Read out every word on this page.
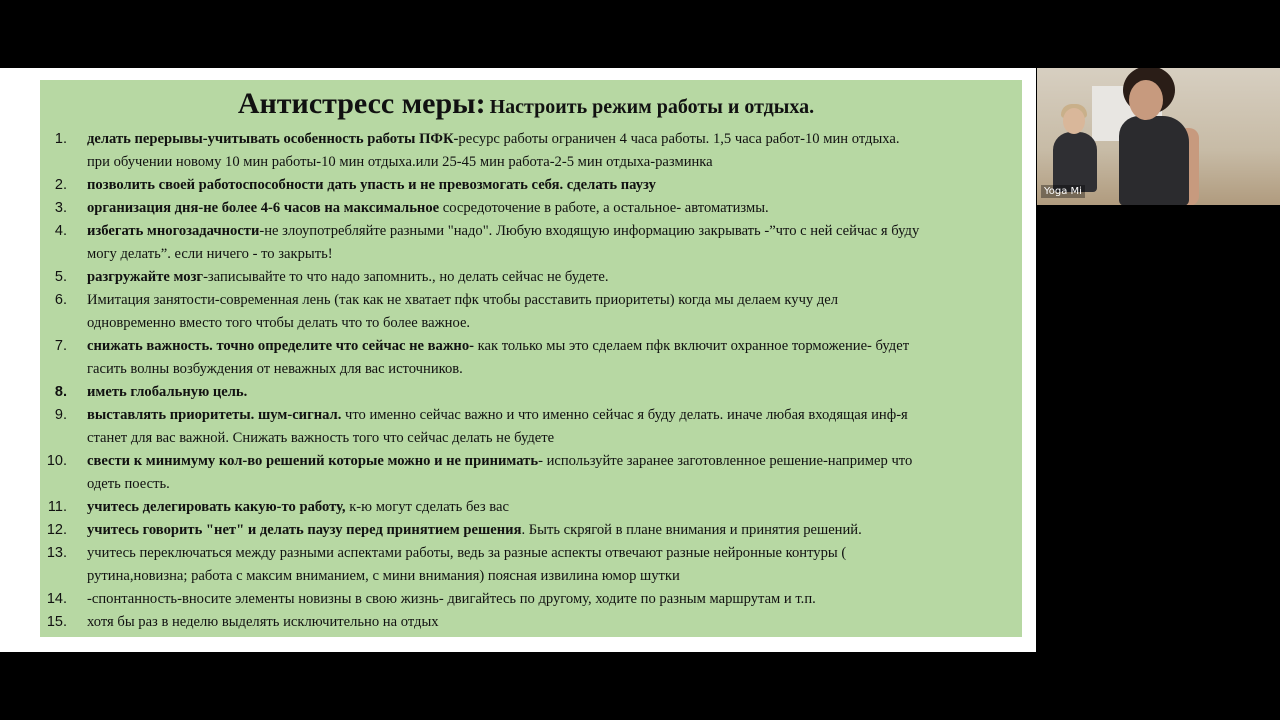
Антистресс меры: Настроить режим работы и отдыха.
1. делать перерывы-учитывать особенность работы ПФК-ресурс работы ограничен 4 часа работы. 1,5 часа работ-10 мин отдыха.
при обучении новому 10 мин работы-10 мин отдыха.или 25-45 мин работа-2-5 мин отдыха-разминка
2. позволить своей работоспособности дать упасть и не превозмогать себя. сделать паузу
3. организация дня-не более 4-6 часов на максимальное сосредоточение в работе, а остальное- автоматизмы.
4. избегать многозадачности-не злоупотребляйте разными "надо". Любую входящую информацию закрывать -”что с ней сейчас я буду
могу делать”. если ничего - то закрыть!
5. разгружайте мозг-записывайте то что надо запомнить., но делать сейчас не будете.
6. Имитация занятости-современная лень (так как не хватает пфк чтобы расставить приоритеты) когда мы делаем кучу дел
одновременно вместо того чтобы делать что то более важное.
7. снижать важность. точно определите что сейчас не важно- как только мы это сделаем пфк включит охранное торможение- будет
гасить волны возбуждения от неважных для вас источников.
8. иметь глобальную цель.
9. выставлять приоритеты. шум-сигнал. что именно сейчас важно и что именно сейчас я буду делать. иначе любая входящая инф-я
станет для вас важной. Снижать важность того что сейчас делать не будете
10. свести к минимуму кол-во решений которые можно и не принимать- используйте заранее заготовленное решение-например что
одеть поесть.
11. учитесь делегировать какую-то работу, к-ю могут сделать без вас
12. учитесь говорить "нет" и делать паузу перед принятием решения. Быть скрягой в плане внимания и принятия решений.
13. учитесь переключаться между разными аспектами работы, ведь за разные аспекты отвечают разные нейронные контуры (
рутина,новизна; работа с максим вниманием, с мини внимания) поясная извилина юмор шутки
14. -спонтанность-вносите элементы новизны в свою жизнь- двигайтесь по другому, ходите по разным маршрутам и т.п.
15. хотя бы раз в неделю выделять исключительно на отдых
Yoga Mi
